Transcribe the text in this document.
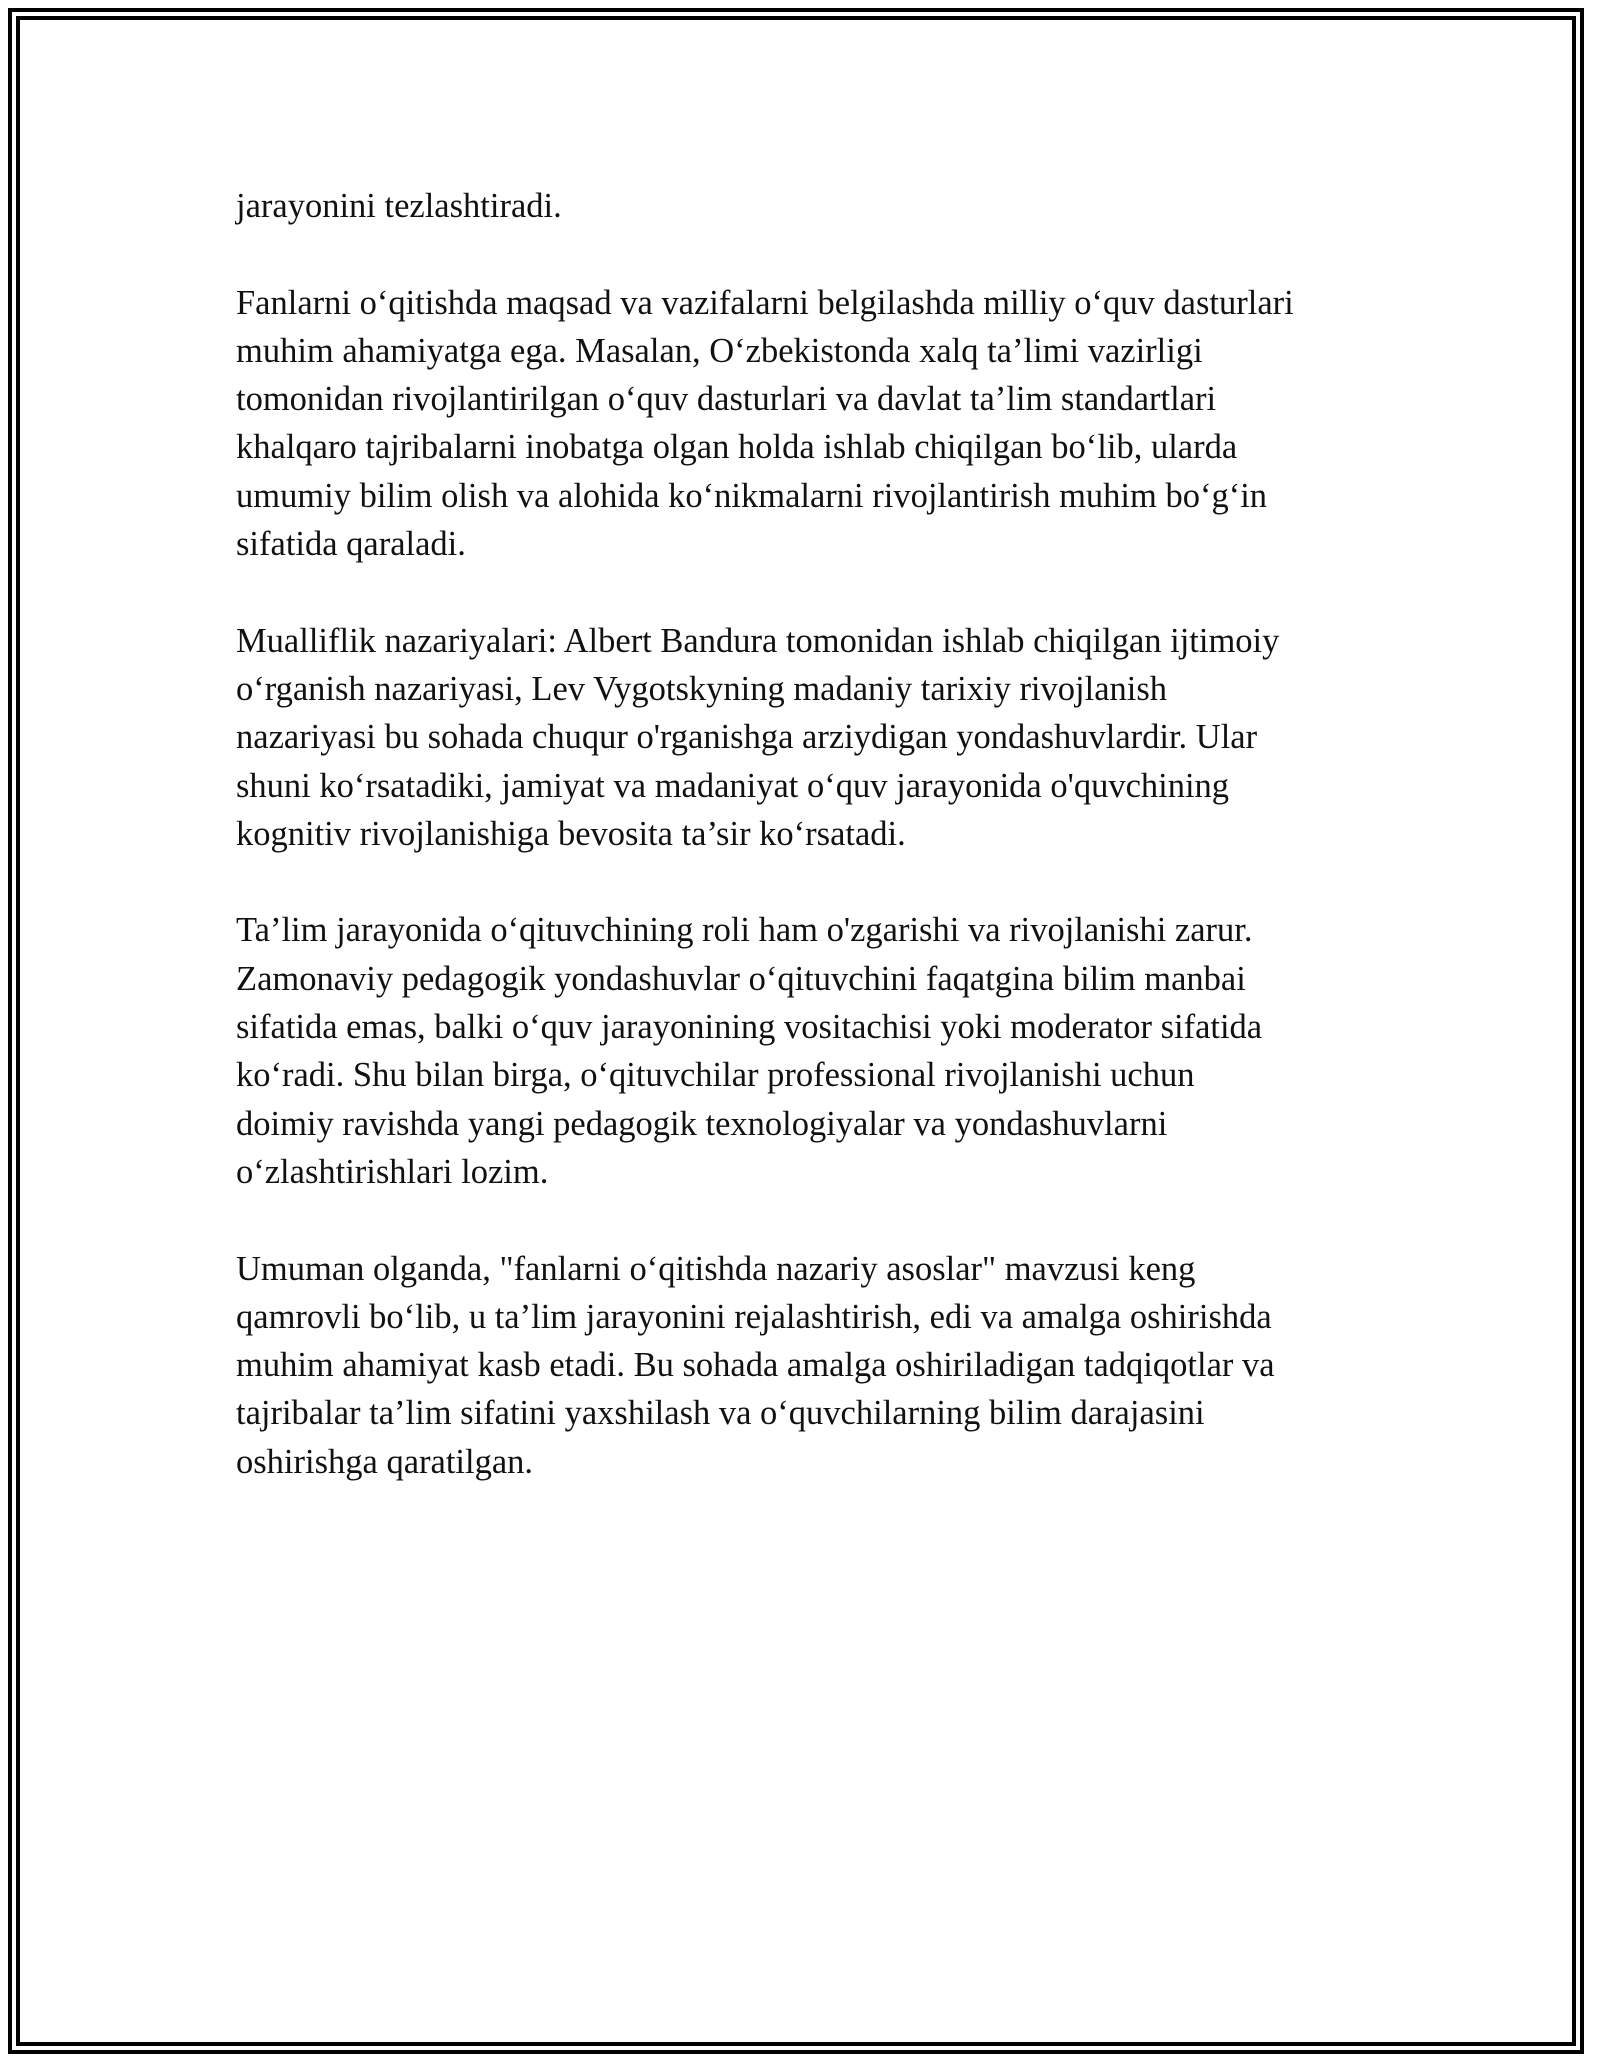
jarayonini tezlashtiradi.

Fanlarni o‘qitishda maqsad va vazifalarni belgilashda milliy o‘quv dasturlari
muhim ahamiyatga ega. Masalan, O‘zbekistonda xalq ta’limi vazirligi
tomonidan rivojlantirilgan o‘quv dasturlari va davlat ta’lim standartlari
khalqaro tajribalarni inobatga olgan holda ishlab chiqilgan bo‘lib, ularda
umumiy bilim olish va alohida ko‘nikmalarni rivojlantirish muhim bo‘g‘in
sifatida qaraladi.

Mualliflik nazariyalari: Albert Bandura tomonidan ishlab chiqilgan ijtimoiy
o‘rganish nazariyasi, Lev Vygotskyning madaniy tarixiy rivojlanish
nazariyasi bu sohada chuqur o'rganishga arziydigan yondashuvlardir. Ular
shuni ko‘rsatadiki, jamiyat va madaniyat o‘quv jarayonida o'quvchining
kognitiv rivojlanishiga bevosita ta’sir ko‘rsatadi.

Ta’lim jarayonida o‘qituvchining roli ham o'zgarishi va rivojlanishi zarur.
Zamonaviy pedagogik yondashuvlar o‘qituvchini faqatgina bilim manbai
sifatida emas, balki o‘quv jarayonining vositachisi yoki moderator sifatida
ko‘radi. Shu bilan birga, o‘qituvchilar professional rivojlanishi uchun
doimiy ravishda yangi pedagogik texnologiyalar va yondashuvlarni
o‘zlashtirishlari lozim.

Umuman olganda, "fanlarni o‘qitishda nazariy asoslar" mavzusi keng
qamrovli bo‘lib, u ta’lim jarayonini rejalashtirish, edi va amalga oshirishda
muhim ahamiyat kasb etadi. Bu sohada amalga oshiriladigan tadqiqotlar va
tajribalar ta’lim sifatini yaxshilash va o‘quvchilarning bilim darajasini
oshirishga qaratilgan.
